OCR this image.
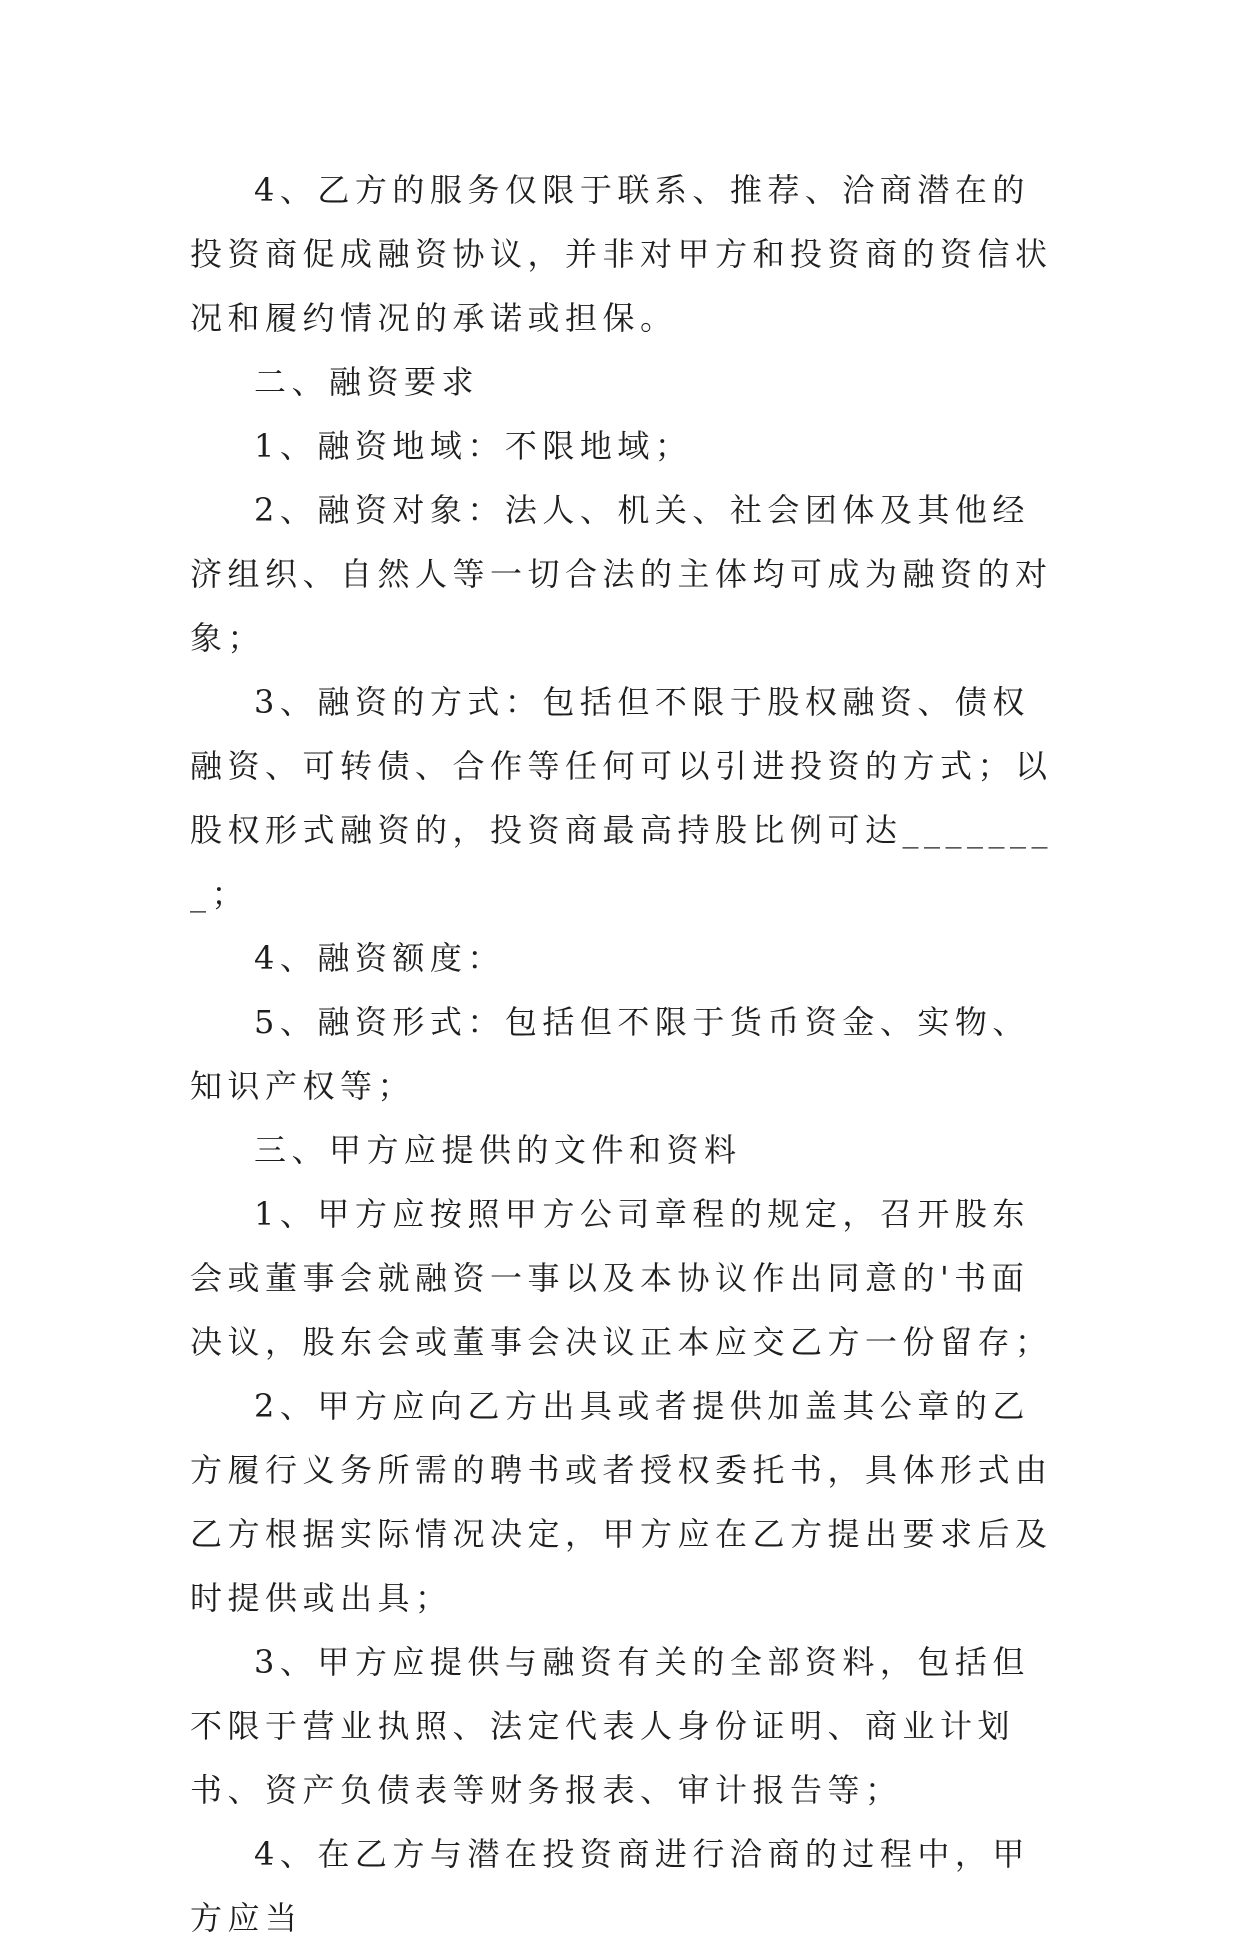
4、乙方的服务仅限于联系、推荐、洽商潜在的投资商促成融资协议，并非对甲方和投资商的资信状况和履约情况的承诺或担保。

二、融资要求

1、融资地域：不限地域；

2、融资对象：法人、机关、社会团体及其他经济组织、自然人等一切合法的主体均可成为融资的对象；

3、融资的方式：包括但不限于股权融资、债权融资、可转债、合作等任何可以引进投资的方式；以股权形式融资的，投资商最高持股比例可达________；

4、融资额度：

5、融资形式：包括但不限于货币资金、实物、知识产权等；

三、甲方应提供的文件和资料

1、甲方应按照甲方公司章程的规定，召开股东会或董事会就融资一事以及本协议作出同意的'书面决议，股东会或董事会决议正本应交乙方一份留存；

2、甲方应向乙方出具或者提供加盖其公章的乙方履行义务所需的聘书或者授权委托书，具体形式由乙方根据实际情况决定，甲方应在乙方提出要求后及时提供或出具；

3、甲方应提供与融资有关的全部资料，包括但不限于营业执照、法定代表人身份证明、商业计划书、资产负债表等财务报表、审计报告等；

4、在乙方与潜在投资商进行洽商的过程中，甲方应当
